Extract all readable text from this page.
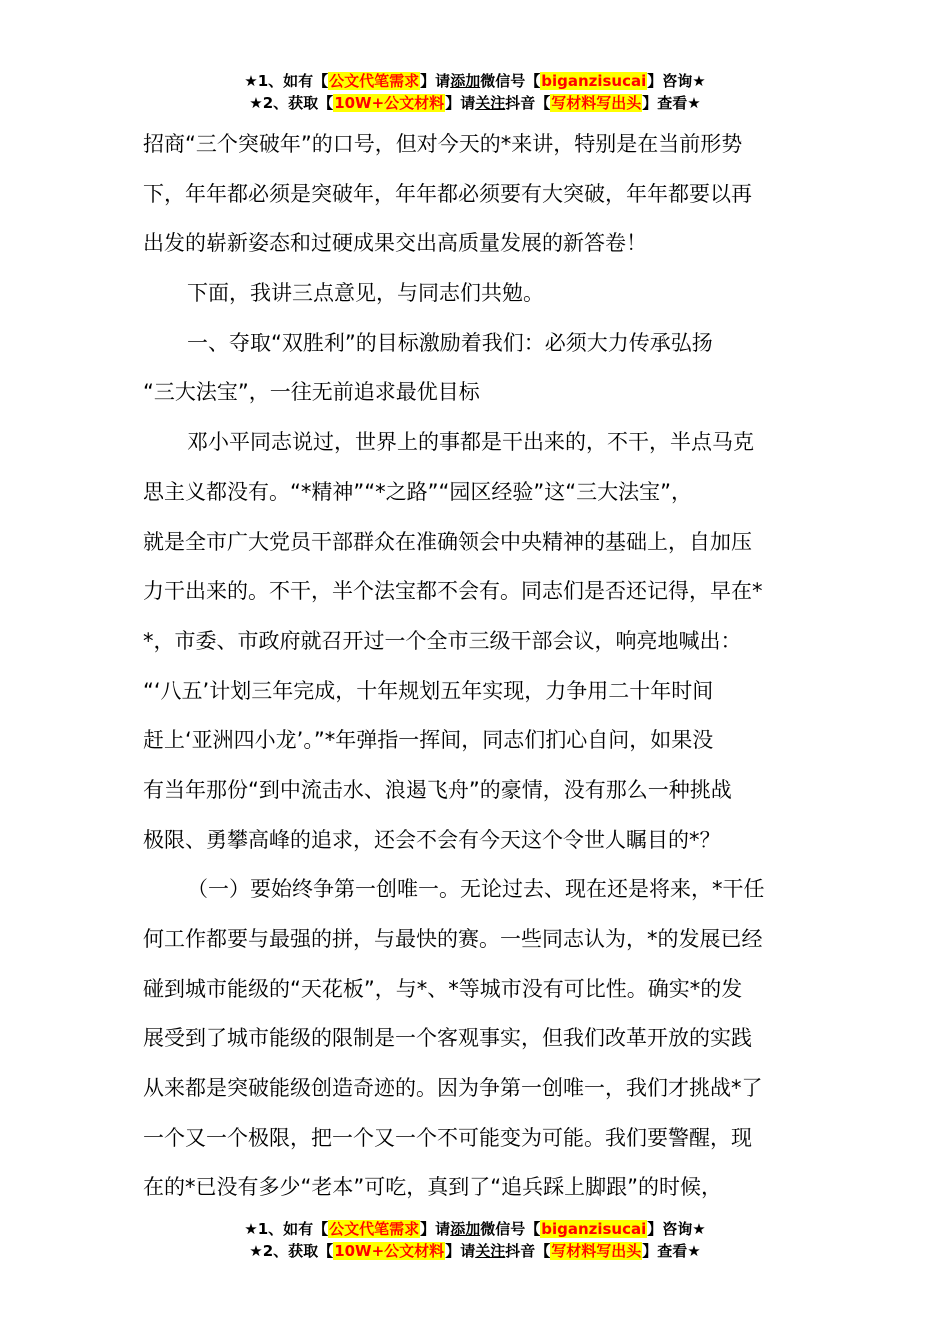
★1、如有【公文代笔需求】请添加微信号【biganzisucai】咨询★
★2、获取【10W+公文材料】请关注抖音【写材料写出头】查看★
招商“三个突破年”的口号，但对今天的*来讲，特别是在当前形势
下，年年都必须是突破年，年年都必须要有大突破，年年都要以再
出发的崭新姿态和过硬成果交出高质量发展的新答卷！
下面，我讲三点意见，与同志们共勉。
一、夺取“双胜利”的目标激励着我们：必须大力传承弘扬
“三大法宝”，一往无前追求最优目标
邓小平同志说过，世界上的事都是干出来的，不干，半点马克
思主义都没有。“*精神”“*之路”“园区经验”这“三大法宝”，
就是全市广大党员干部群众在准确领会中央精神的基础上，自加压
力干出来的。不干，半个法宝都不会有。同志们是否还记得，早在*
*，市委、市政府就召开过一个全市三级干部会议，响亮地喊出：
“‘八五’计划三年完成，十年规划五年实现，力争用二十年时间
赶上‘亚洲四小龙’。”*年弹指一挥间，同志们扪心自问，如果没
有当年那份“到中流击水、浪遏飞舟”的豪情，没有那么一种挑战
极限、勇攀高峰的追求，还会不会有今天这个令世人瞩目的*？
（一）要始终争第一创唯一。无论过去、现在还是将来，*干任
何工作都要与最强的拼，与最快的赛。一些同志认为，*的发展已经
碰到城市能级的“天花板”，与*、*等城市没有可比性。确实*的发
展受到了城市能级的限制是一个客观事实，但我们改革开放的实践
从来都是突破能级创造奇迹的。因为争第一创唯一，我们才挑战*了
一个又一个极限，把一个又一个不可能变为可能。我们要警醒，现
在的*已没有多少“老本”可吃，真到了“追兵踩上脚跟”的时候，
★1、如有【公文代笔需求】请添加微信号【biganzisucai】咨询★
★2、获取【10W+公文材料】请关注抖音【写材料写出头】查看★
